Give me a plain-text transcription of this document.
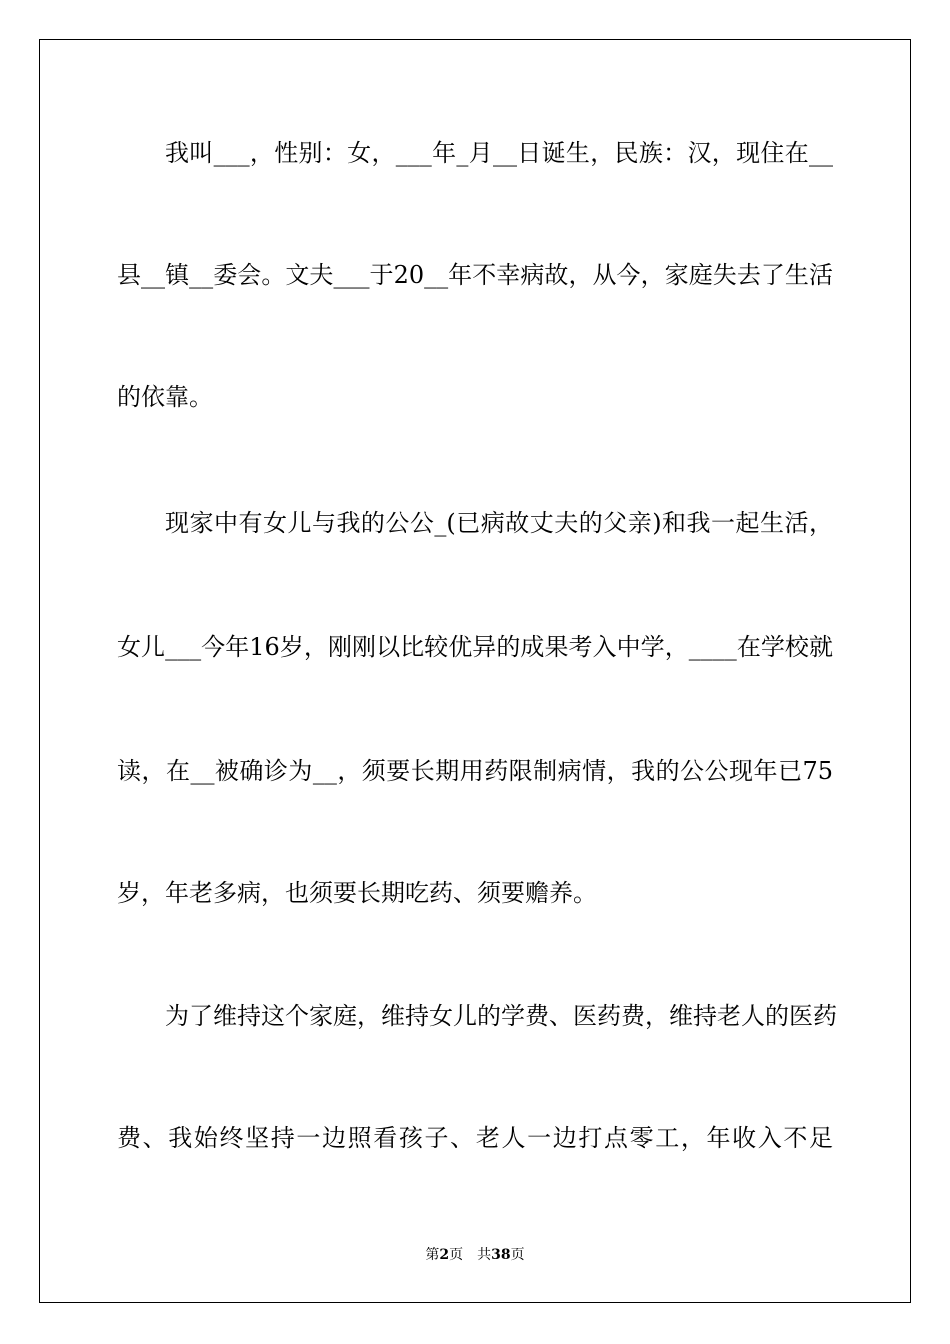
我叫___，性别：女，___年_月__日诞生，民族：汉，现住在__
县__镇__委会。文夫___于20__年不幸病故，从今，家庭失去了生活
的依靠。
现家中有女儿与我的公公_(已病故丈夫的父亲)和我一起生活，
女儿___今年16岁，刚刚以比较优异的成果考入中学，____在学校就
读，在__被确诊为__，须要长期用药限制病情，我的公公现年已75
岁，年老多病，也须要长期吃药、须要赡养。
为了维持这个家庭，维持女儿的学费、医药费，维持老人的医药
费、我始终坚持一边照看孩子、老人一边打点零工，年收入不足
第2页 共38页
